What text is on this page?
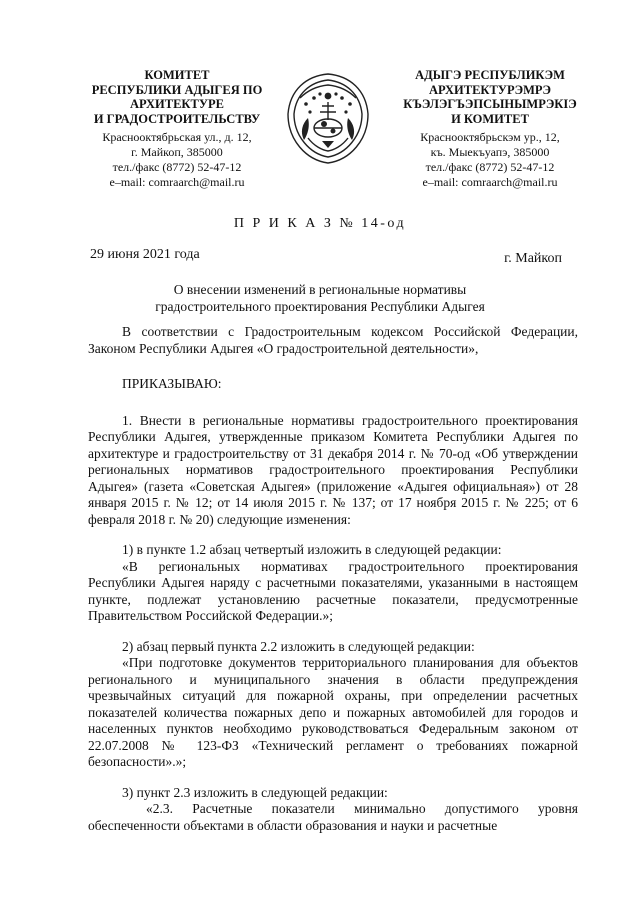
КОМИТЕТ
РЕСПУБЛИКИ АДЫГЕЯ ПО
АРХИТЕКТУРЕ
И ГРАДОСТРОИТЕЛЬСТВУ
Краснооктябрьская ул., д. 12,
г. Майкоп, 385000
тел./факс (8772) 52-47-12
e–mail: comraarch@mail.ru
АДЫГЭ РЕСПУБЛИКЭМ
АРХИТЕКТУРЭМРЭ
КЪЭЛЭГЪЭПСЫНЫМРЭКIЭ
И КОМИТЕТ
Краснооктябрьскэм ур., 12,
къ. Мыекъуапэ, 385000
тел./факс (8772) 52-47-12
e–mail: comraarch@mail.ru
П Р И К А З № 14-од
29 июня 2021 года	г. Майкоп
О внесении изменений в региональные нормативы
градостроительного проектирования Республики Адыгея

В соответствии с Градостроительным кодексом Российской Федерации, Законом Республики Адыгея «О градостроительной деятельности»,

ПРИКАЗЫВАЮ:

1. Внести в региональные нормативы градостроительного проектирования Республики Адыгея, утвержденные приказом Комитета Республики Адыгея по архитектуре и градостроительству от 31 декабря 2014 г. № 70-од «Об утверждении региональных нормативов градостроительного проектирования Республики Адыгея» (газета «Советская Адыгея» (приложение «Адыгея официальная») от 28 января 2015 г. № 12; от 14 июля 2015 г. № 137; от 17 ноября 2015 г. № 225; от 6 февраля 2018 г. № 20) следующие изменения:

1) в пункте 1.2 абзац четвертый изложить в следующей редакции:

«В региональных нормативах градостроительного проектирования Республики Адыгея наряду с расчетными показателями, указанными в настоящем пункте, подлежат установлению расчетные показатели, предусмотренные Правительством Российской Федерации.»;

2) абзац первый пункта 2.2 изложить в следующей редакции:

«При подготовке документов территориального планирования для объектов регионального и муниципального значения в области предупреждения чрезвычайных ситуаций для пожарной охраны, при определении расчетных показателей количества пожарных депо и пожарных автомобилей для городов и населенных пунктов необходимо руководствоваться Федеральным законом от 22.07.2008 № 123-ФЗ «Технический регламент о требованиях пожарной безопасности».»;

3) пункт 2.3 изложить в следующей редакции:

«2.3. Расчетные показатели минимально допустимого уровня обеспеченности объектами в области образования и науки и расчетные
